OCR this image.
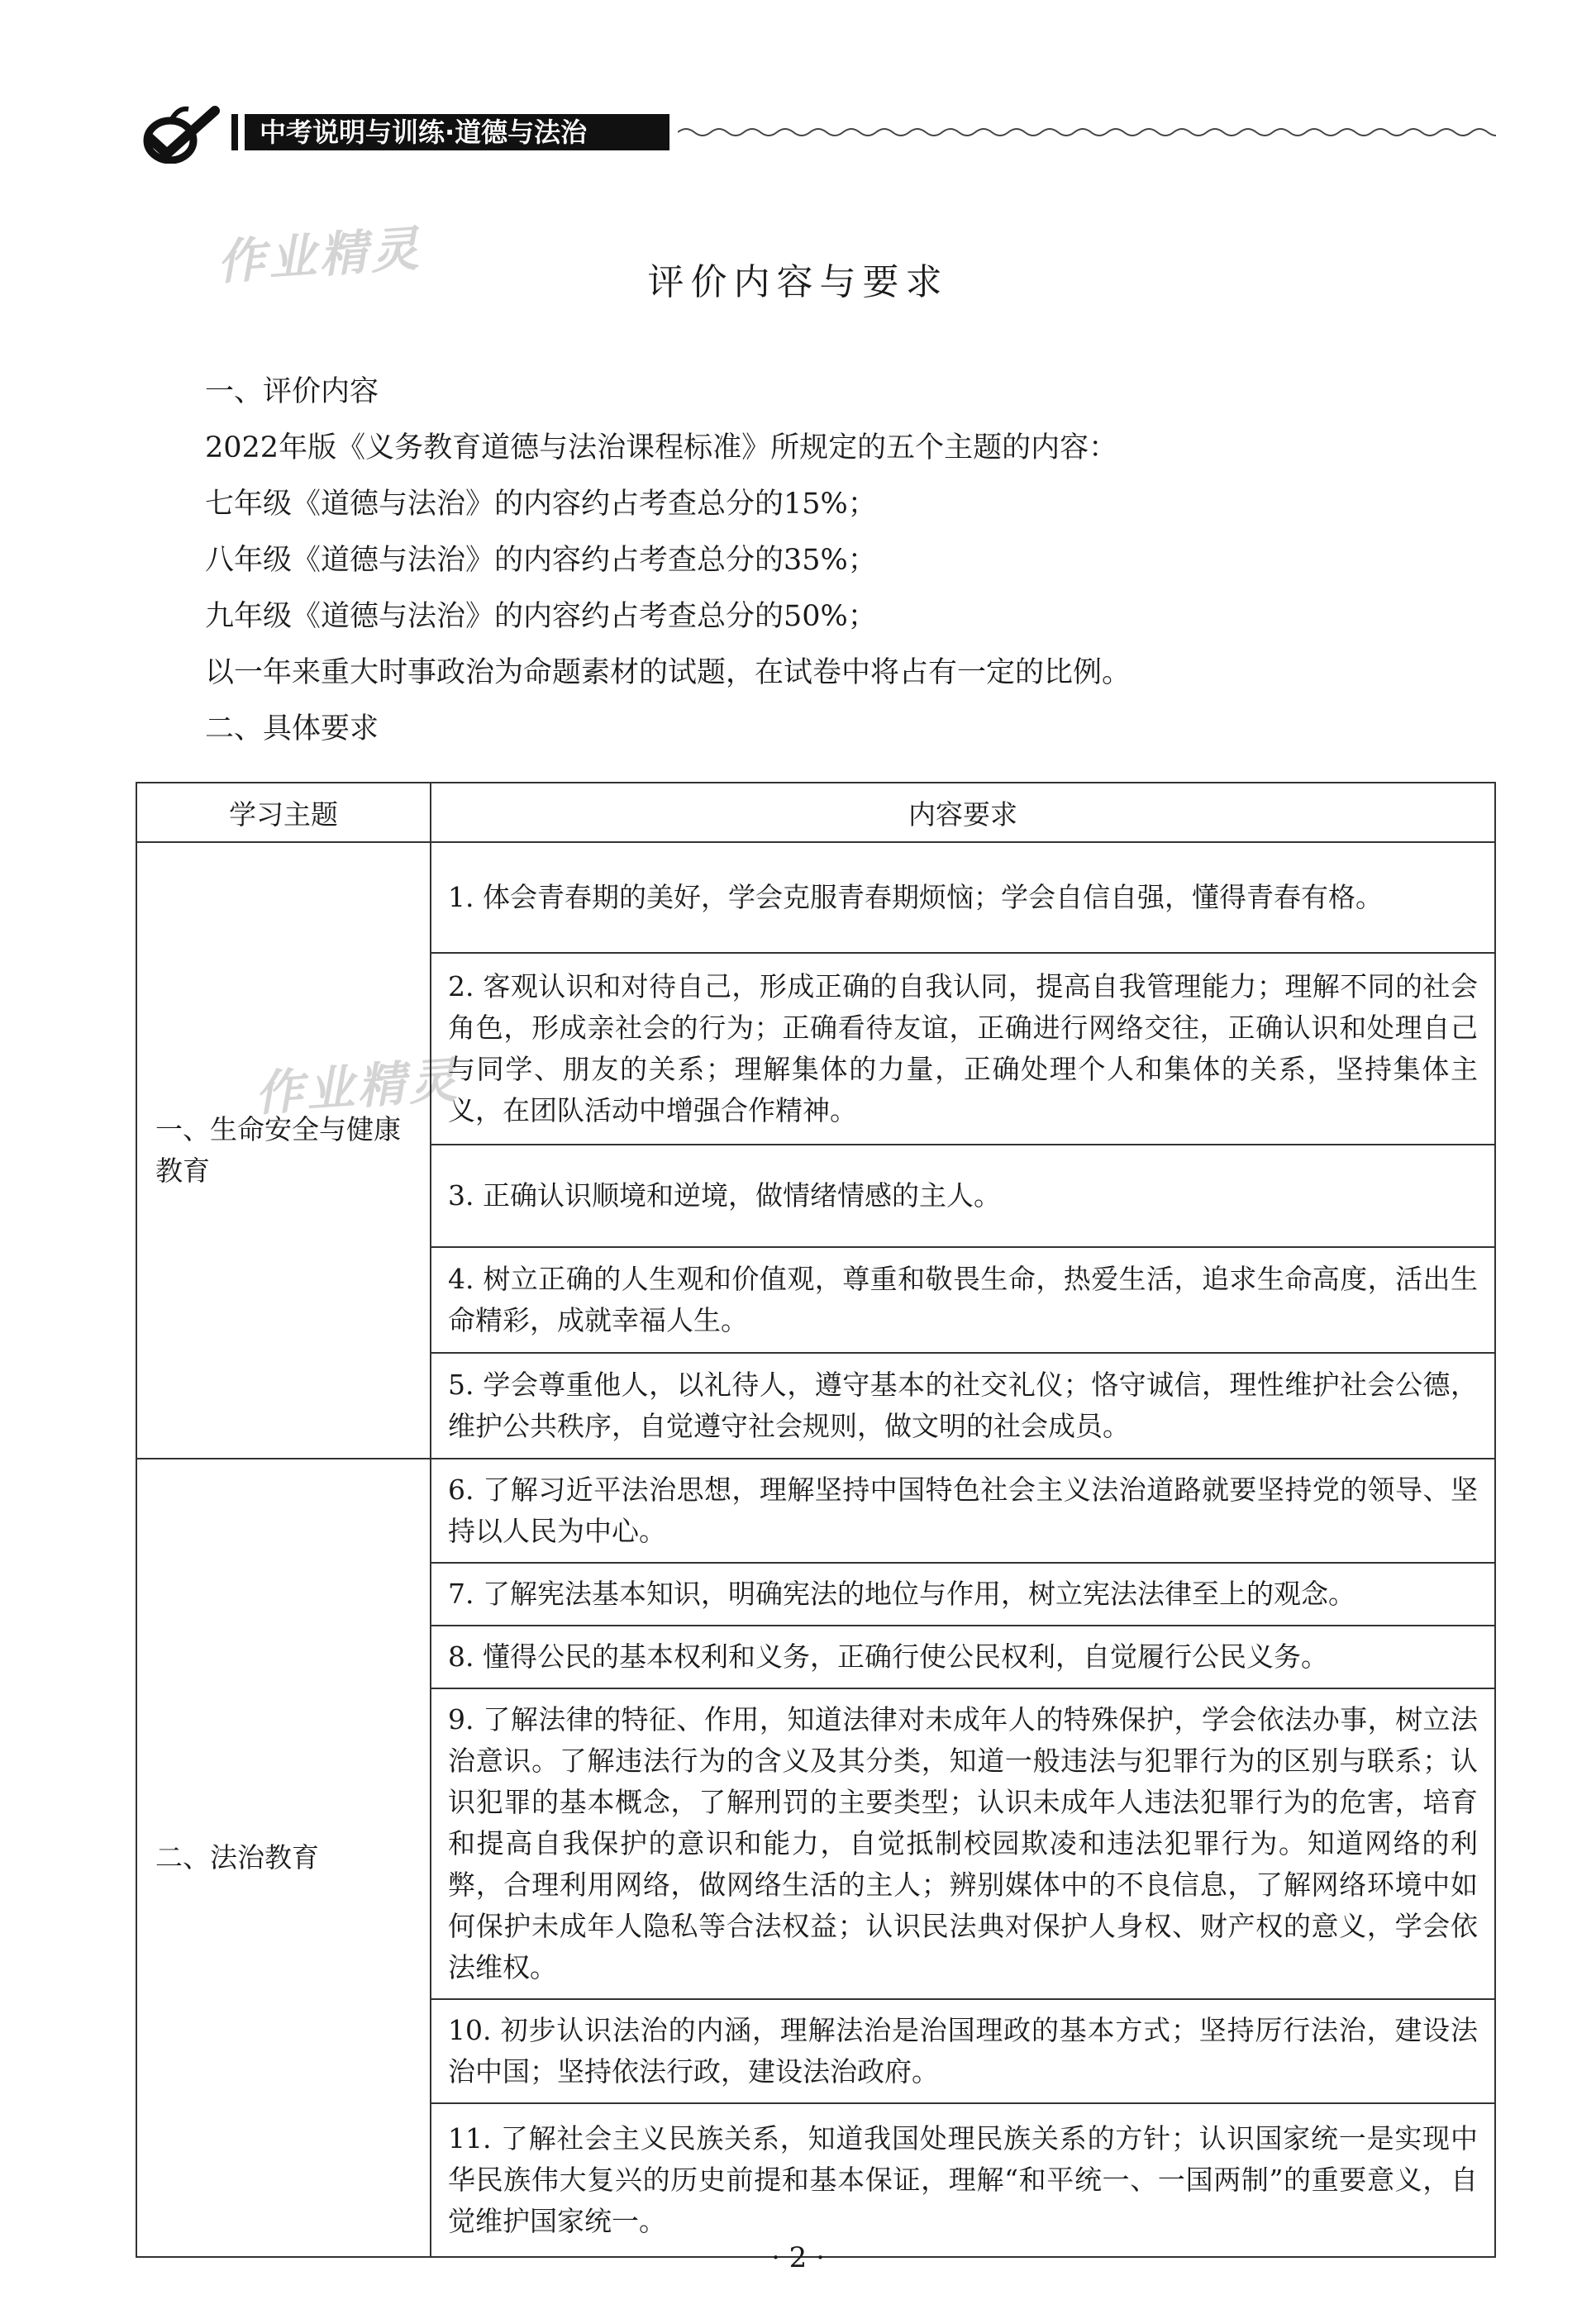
中考说明与训练·道德与法治
作业精灵
作业精灵
评价内容与要求
一、评价内容
2022年版《义务教育道德与法治课程标准》所规定的五个主题的内容：
七年级《道德与法治》的内容约占考查总分的15%；
八年级《道德与法治》的内容约占考查总分的35%；
九年级《道德与法治》的内容约占考查总分的50%；
以一年来重大时事政治为命题素材的试题，在试卷中将占有一定的比例。
二、具体要求
学习主题	内容要求
一、生命安全与健康教育	1. 体会青春期的美好，学会克服青春期烦恼；学会自信自强，懂得青春有格。
	2. 客观认识和对待自己，形成正确的自我认同，提高自我管理能力；理解不同的社会角色，形成亲社会的行为；正确看待友谊，正确进行网络交往，正确认识和处理自己与同学、朋友的关系；理解集体的力量，正确处理个人和集体的关系，坚持集体主义，在团队活动中增强合作精神。
	3. 正确认识顺境和逆境，做情绪情感的主人。
	4. 树立正确的人生观和价值观，尊重和敬畏生命，热爱生活，追求生命高度，活出生命精彩，成就幸福人生。
	5. 学会尊重他人，以礼待人，遵守基本的社交礼仪；恪守诚信，理性维护社会公德，维护公共秩序，自觉遵守社会规则，做文明的社会成员。
二、法治教育	6. 了解习近平法治思想，理解坚持中国特色社会主义法治道路就要坚持党的领导、坚持以人民为中心。
	7. 了解宪法基本知识，明确宪法的地位与作用，树立宪法法律至上的观念。
	8. 懂得公民的基本权利和义务，正确行使公民权利，自觉履行公民义务。
	9. 了解法律的特征、作用，知道法律对未成年人的特殊保护，学会依法办事，树立法治意识。了解违法行为的含义及其分类，知道一般违法与犯罪行为的区别与联系；认识犯罪的基本概念，了解刑罚的主要类型；认识未成年人违法犯罪行为的危害，培育和提高自我保护的意识和能力，自觉抵制校园欺凌和违法犯罪行为。知道网络的利弊，合理利用网络，做网络生活的主人；辨别媒体中的不良信息，了解网络环境中如何保护未成年人隐私等合法权益；认识民法典对保护人身权、财产权的意义，学会依法维权。
	10. 初步认识法治的内涵，理解法治是治国理政的基本方式；坚持厉行法治，建设法治中国；坚持依法行政，建设法治政府。
	11. 了解社会主义民族关系，知道我国处理民族关系的方针；认识国家统一是实现中华民族伟大复兴的历史前提和基本保证，理解“和平统一、一国两制”的重要意义，自觉维护国家统一。
· 2 ·
